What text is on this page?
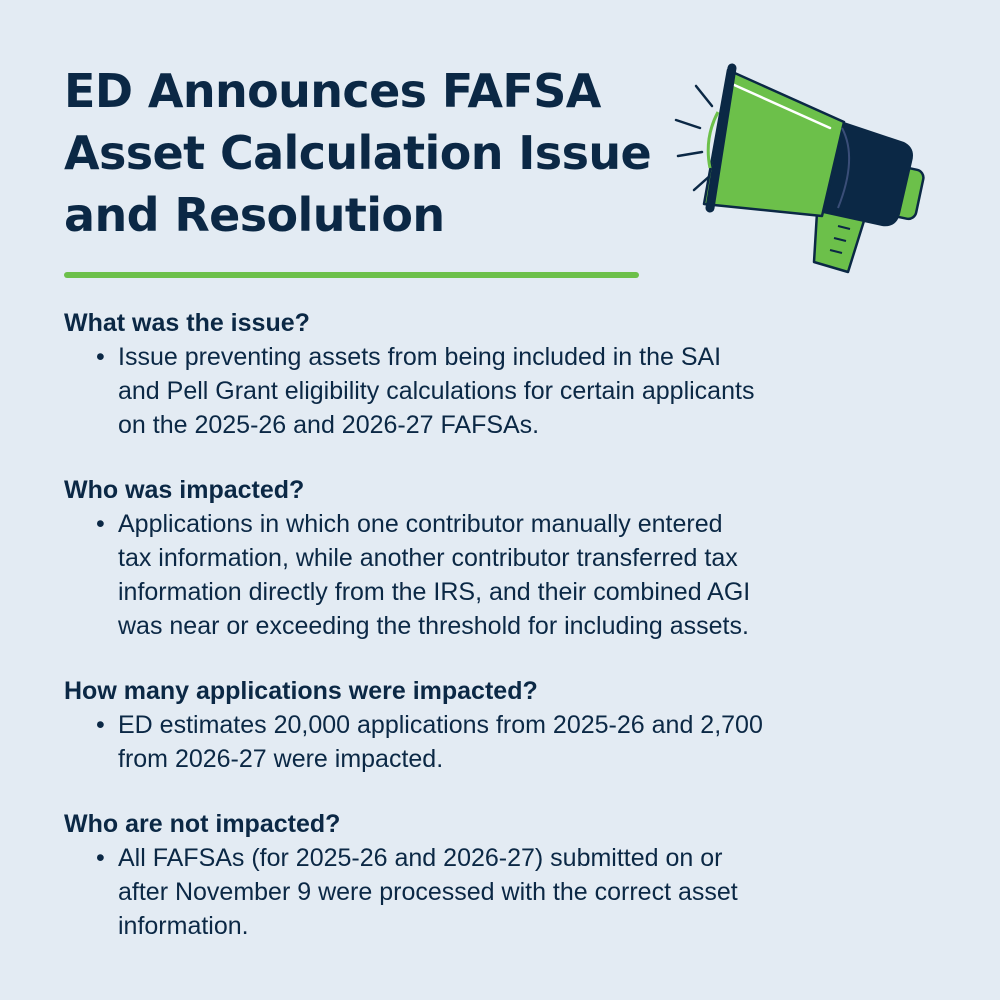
ED Announces FAFSA
Asset Calculation Issue
and Resolution
What was the issue?
• Issue preventing assets from being included in the SAI
and Pell Grant eligibility calculations for certain applicants
on the 2025-26 and 2026-27 FAFSAs.
Who was impacted?
• Applications in which one contributor manually entered
tax information, while another contributor transferred tax
information directly from the IRS, and their combined AGI
was near or exceeding the threshold for including assets.
How many applications were impacted?
• ED estimates 20,000 applications from 2025-26 and 2,700
from 2026-27 were impacted.
Who are not impacted?
• All FAFSAs (for 2025-26 and 2026-27) submitted on or
after November 9 were processed with the correct asset
information.
